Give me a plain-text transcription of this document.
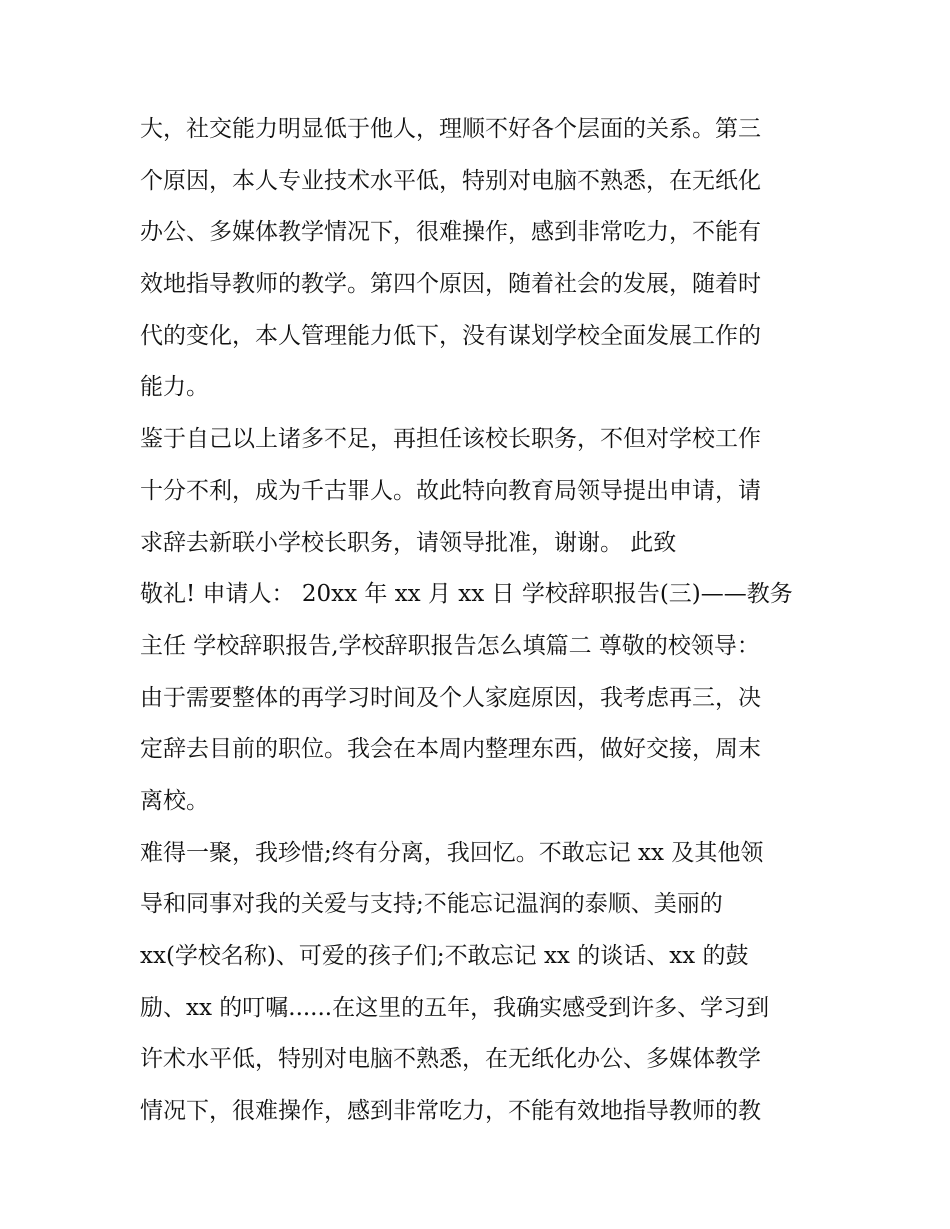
大，社交能力明显低于他人，理顺不好各个层面的关系。第三
个原因，本人专业技术水平低，特别对电脑不熟悉，在无纸化
办公、多媒体教学情况下，很难操作，感到非常吃力，不能有
效地指导教师的教学。第四个原因，随着社会的发展，随着时
代的变化，本人管理能力低下，没有谋划学校全面发展工作的
能力。
鉴于自己以上诸多不足，再担任该校长职务，不但对学校工作
十分不利，成为千古罪人。故此特向教育局领导提出申请，请
求辞去新联小学校长职务，请领导批准，谢谢。 此致
敬礼! 申请人： 20xx 年 xx 月 xx 日 学校辞职报告(三)——教务
主任 学校辞职报告,学校辞职报告怎么填篇二 尊敬的校领导：
由于需要整体的再学习时间及个人家庭原因，我考虑再三，决
定辞去目前的职位。我会在本周内整理东西，做好交接，周末
离校。
难得一聚，我珍惜;终有分离，我回忆。不敢忘记 xx 及其他领
导和同事对我的关爱与支持;不能忘记温润的泰顺、美丽的
xx(学校名称)、可爱的孩子们;不敢忘记 xx 的谈话、xx 的鼓
励、xx 的叮嘱......在这里的五年，我确实感受到许多、学习到
许术水平低，特别对电脑不熟悉，在无纸化办公、多媒体教学
情况下，很难操作，感到非常吃力，不能有效地指导教师的教
